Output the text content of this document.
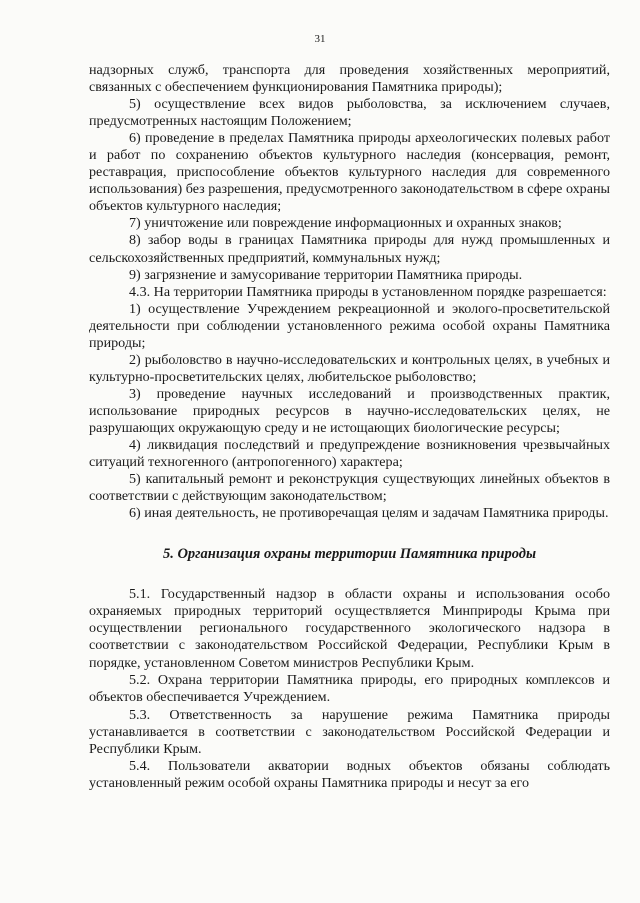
31

надзорных служб, транспорта для проведения хозяйственных мероприятий, связанных с обеспечением функционирования Памятника природы);

5) осуществление всех видов рыболовства, за исключением случаев, предусмотренных настоящим Положением;

6) проведение в пределах Памятника природы археологических полевых работ и работ по сохранению объектов культурного наследия (консервация, ремонт, реставрация, приспособление объектов культурного наследия для современного использования) без разрешения, предусмотренного законодательством в сфере охраны объектов культурного наследия;

7) уничтожение или повреждение информационных и охранных знаков;

8) забор воды в границах Памятника природы для нужд промышленных и сельскохозяйственных предприятий, коммунальных нужд;

9) загрязнение и замусоривание территории Памятника природы.

4.3. На территории Памятника природы в установленном порядке разрешается:

1) осуществление Учреждением рекреационной и эколого-просветительской деятельности при соблюдении установленного режима особой охраны Памятника природы;

2) рыболовство в научно-исследовательских и контрольных целях, в учебных и культурно-просветительских целях, любительское рыболовство;

3) проведение научных исследований и производственных практик, использование природных ресурсов в научно-исследовательских целях, не разрушающих окружающую среду и не истощающих биологические ресурсы;

4) ликвидация последствий и предупреждение возникновения чрезвычайных ситуаций техногенного (антропогенного) характера;

5) капитальный ремонт и реконструкция существующих линейных объектов в соответствии с действующим законодательством;

6) иная деятельность, не противоречащая целям и задачам Памятника природы.

5. Организация охраны территории Памятника природы

5.1. Государственный надзор в области охраны и использования особо охраняемых природных территорий осуществляется Минприроды Крыма при осуществлении регионального государственного экологического надзора в соответствии с законодательством Российской Федерации, Республики Крым в порядке, установленном Советом министров Республики Крым.

5.2. Охрана территории Памятника природы, его природных комплексов и объектов обеспечивается Учреждением.

5.3. Ответственность за нарушение режима Памятника природы устанавливается в соответствии с законодательством Российской Федерации и Республики Крым.

5.4. Пользователи акватории водных объектов обязаны соблюдать установленный режим особой охраны Памятника природы и несут за его
